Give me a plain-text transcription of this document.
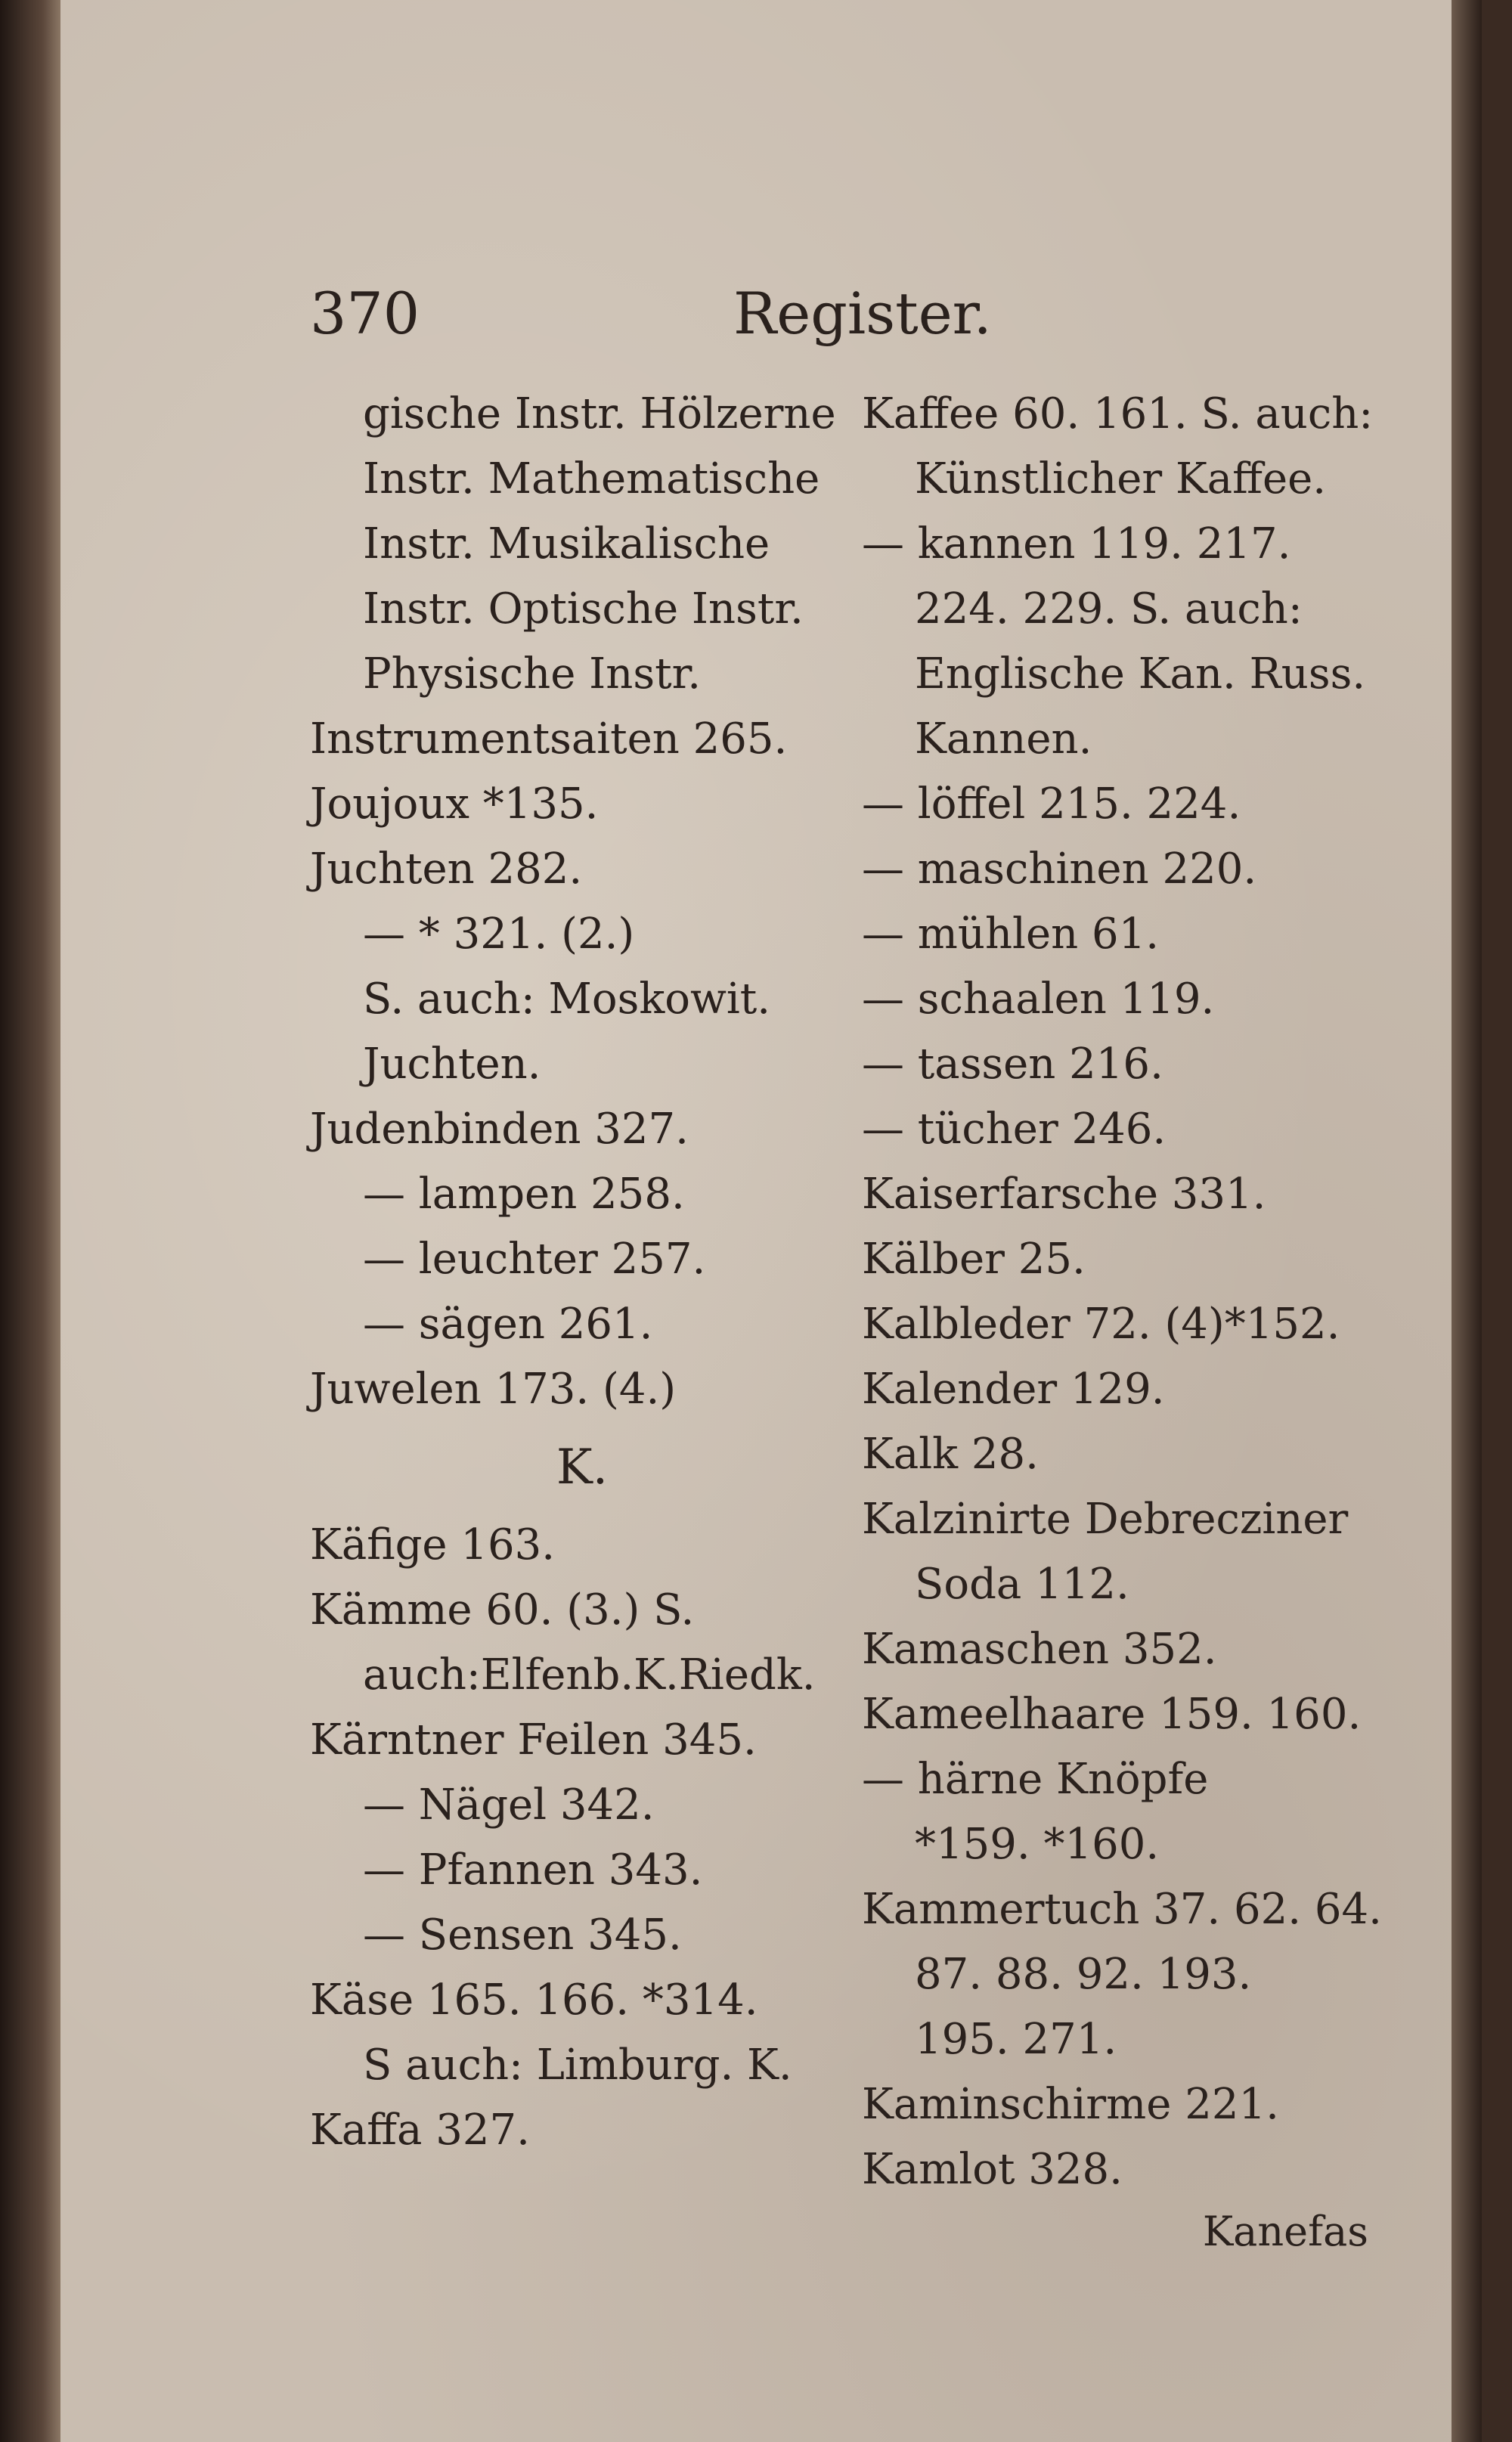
370	Register.
gische Instr. Hölzerne
Instr. Mathematische
Instr. Musikalische
Instr. Optische Instr.
Physische Instr.
Instrumentsaiten 265.
Joujoux *135.
Juchten 282.
— * 321. (2.)
S. auch: Moskowit.
Juchten.
Judenbinden 327.
— lampen 258.
— leuchter 257.
— sägen 261.
Juwelen 173. (4.)
K.
Käfige 163.
Kämme 60. (3.) S.
auch:Elfenb.K.Riedk.
Kärntner Feilen 345.
— Nägel 342.
— Pfannen 343.
— Sensen 345.
Käse 165. 166. *314.
S auch: Limburg. K.
Kaffa 327.
Kaffee 60. 161. S. auch:
Künstlicher Kaffee.
— kannen 119. 217.
224. 229. S. auch:
Englische Kan. Russ.
Kannen.
— löffel 215. 224.
— maschinen 220.
— mühlen 61.
— schaalen 119.
— tassen 216.
— tücher 246.
Kaiserfarsche 331.
Kälber 25.
Kalbleder 72. (4)*152.
Kalender 129.
Kalk 28.
Kalzinirte Debrecziner
Soda 112.
Kamaschen 352.
Kameelhaare 159. 160.
— härne Knöpfe
*159. *160.
Kammertuch 37. 62. 64.
87. 88. 92. 193.
195. 271.
Kaminschirme 221.
Kamlot 328.
Kanefas
